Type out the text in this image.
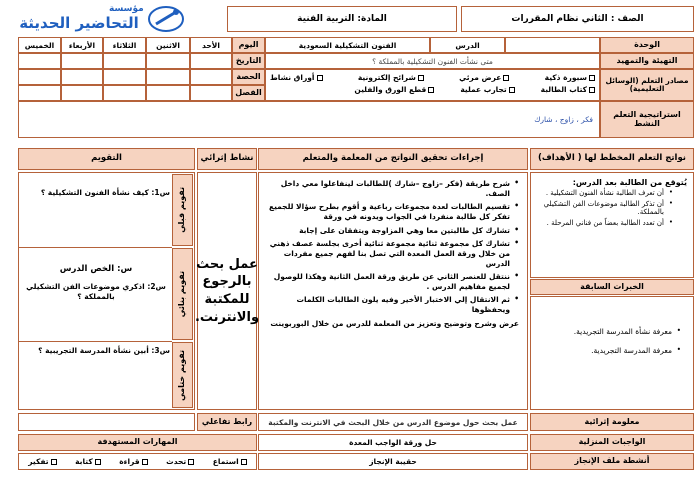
الصف : الثاني نظام المقررات
المادة: التربية الفنية
مؤسسة
التحاضير الحديثة
الوحدة
الدرس
الفنون التشكيلية السعودية
التهيئة والتمهيد
متى نشأت الفنون التشكيلية بالمملكة ؟
اليوم
الأحد
الاثنين
الثلاثاء
الأربعاء
الخميس
التاريخ
الحصة
الفصل
مصادر التعلم (الوسائل التعليمية)
سبورة ذكية
عرض مرئي
شرائح إلكترونية
أوراق نشاط
كتاب الطالبة
تجارب عملية
قطع الورق والفلين
استراتيجية التعلم النشط
فكر ، زاوج ، شارك
نواتج التعلم المخطط لها ( الأهداف)
إجراءات تحقيق النواتج من المعلمة والمتعلم
نشاط إثرائي
التقويم
يُتوقع من الطالبة بعد الدرس:
• أن تعرف الطالبة نشأة الفنون التشكيلية .
• أن تذكر الطالبة موضوعات الفن التشكيلي بالمملكة.
• أن تعدد الطالبة بعضاً من فناني المرحلة .
الخبرات السابقة
• معرفة نشأة المدرسة التجريدية.
• معرفة المدرسة التجريدية.
• شرح طريقة (فكر –زاوج –شارك )للطالبات لينفاعلوا معي داخل الصف.
• تقسيم الطالبات لعدة مجموعات رباعية و أقوم بطرح سؤالا للجميع تفكر كل طالبة منفردا في الجواب ويدونه في ورقة
• تشارك كل طالبتين معا وهي المزاوجة ويتفقان على إجابة
• تشارك كل مجموعة ثنائية مجموعة ثنائية أخرى بجلسة عصف ذهني من خلال ورقة العمل المعدة التي تصل بنا لفهم جميع مفردات الدرس
• ننتقل للعنصر الثاني عن طريق ورقة العمل الثانية وهكذا للوصول لجميع مفاهيم الدرس .
• ثم الانتقال إلي الاختبار الأخير وفيه يلون الطالبات الكلمات ويحفظوها
عرض وشرح وتوضيح وتعزيز من المعلمة للدرس من خلال البوربوينت
عمل بحث بالرجوع للمكتبة والانترنت.
تقويم قبلي
س1: كيف نشأة الفنون التشكيلية ؟
تقويم بنائي
س: الخص الدرس
س2: اذكري موضوعات الفن التشكيلي بالمملكة ؟
تقويم ختامي
س3: أبين نشأة المدرسة التجريبية ؟
معلومة إثرائية
عمل بحث حول موضوع الدرس من خلال البحث في الانترنت والمكتبة
رابط تفاعلي
الواجبات المنزلية
حل ورقة الواجب المعدة
المهارات المستهدفة
أنشطة ملف الإنجاز
حقيبة الإنجاز
استماع
تحدث
قراءة
كتابة
تفكير
